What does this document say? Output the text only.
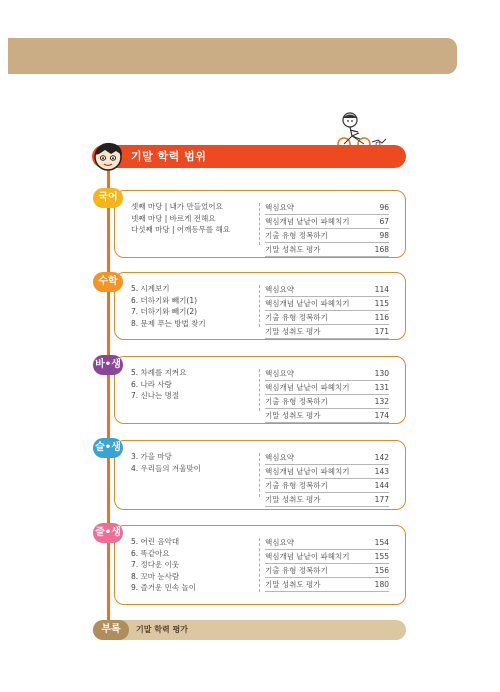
기말 학력 범위
셋째 마당 | 내가 만들었어요
넷째 마당 | 바르게 전해요
다섯째 마당 | 어깨동무를 해요
핵심요약	96
핵심개념 낱낱이 파헤치기	67
기출 유형 정복하기	98
기말 성취도 평가	168
국어
5. 시계보기
6. 더하기와 빼기(1)
7. 더하기와 빼기(2)
8. 문제 푸는 방법 찾기
핵심요약	114
핵심개념 낱낱이 파헤치기	115
기출 유형 정복하기	116
기말 성취도 평가	171
수학
5. 차례를 지켜요
6. 나라 사랑
7. 신나는 명절
핵심요약	130
핵심개념 낱낱이 파헤치기	131
기출 유형 정복하기	132
기말 성취도 평가	174
바•생
3. 가을 마당
4. 우리들의 겨울맞이
핵심요약	142
핵심개념 낱낱이 파헤치기	143
기출 유형 정복하기	144
기말 성취도 평가	177
슬•생
5. 어린 음악대
6. 똑같아요
7. 정다운 이웃
8. 꼬마 눈사람
9. 즐거운 민속 놀이
핵심요약	154
핵심개념 낱낱이 파헤치기	155
기출 유형 정복하기	156
기말 성취도 평가	180
즐•생
부록	기말 학력 평가
